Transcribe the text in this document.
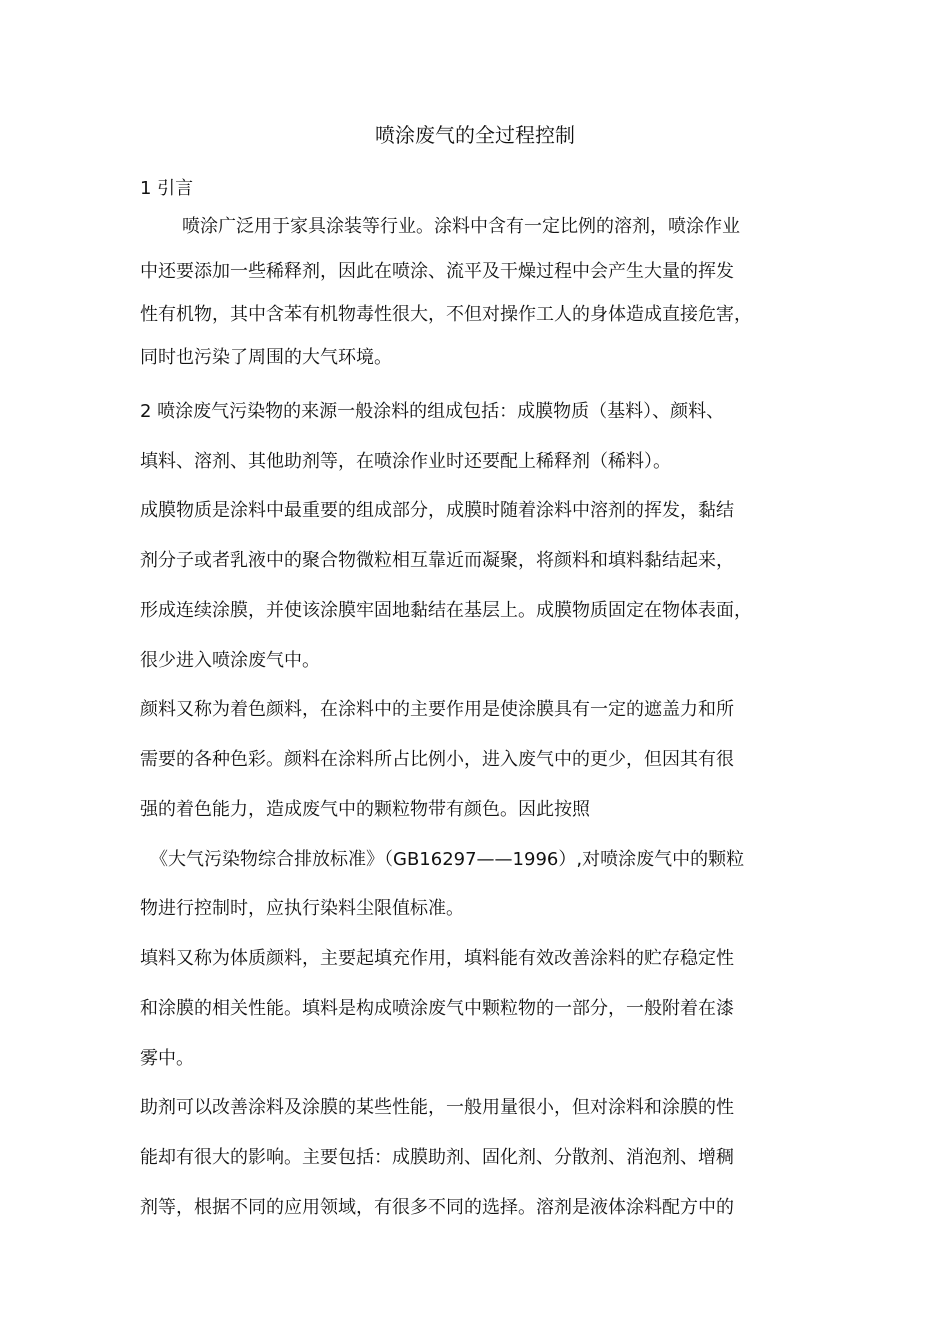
喷涂废气的全过程控制
1 引言
喷涂广泛用于家具涂装等行业。涂料中含有一定比例的溶剂，喷涂作业
中还要添加一些稀释剂，因此在喷涂、流平及干燥过程中会产生大量的挥发
性有机物，其中含苯有机物毒性很大，不但对操作工人的身体造成直接危害，
同时也污染了周围的大气环境。
2 喷涂废气污染物的来源一般涂料的组成包括：成膜物质（基料）、颜料、
填料、溶剂、其他助剂等，在喷涂作业时还要配上稀释剂（稀料）。
成膜物质是涂料中最重要的组成部分，成膜时随着涂料中溶剂的挥发，黏结
剂分子或者乳液中的聚合物微粒相互靠近而凝聚，将颜料和填料黏结起来，
形成连续涂膜，并使该涂膜牢固地黏结在基层上。成膜物质固定在物体表面，
很少进入喷涂废气中。
颜料又称为着色颜料，在涂料中的主要作用是使涂膜具有一定的遮盖力和所
需要的各种色彩。颜料在涂料所占比例小，进入废气中的更少，但因其有很
强的着色能力，造成废气中的颗粒物带有颜色。因此按照
《大气污染物综合排放标准》（GB16297——1996）,对喷涂废气中的颗粒
物进行控制时，应执行染料尘限值标准。
填料又称为体质颜料，主要起填充作用，填料能有效改善涂料的贮存稳定性
和涂膜的相关性能。填料是构成喷涂废气中颗粒物的一部分，一般附着在漆
雾中。
助剂可以改善涂料及涂膜的某些性能，一般用量很小，但对涂料和涂膜的性
能却有很大的影响。主要包括：成膜助剂、固化剂、分散剂、消泡剂、增稠
剂等，根据不同的应用领域，有很多不同的选择。溶剂是液体涂料配方中的
